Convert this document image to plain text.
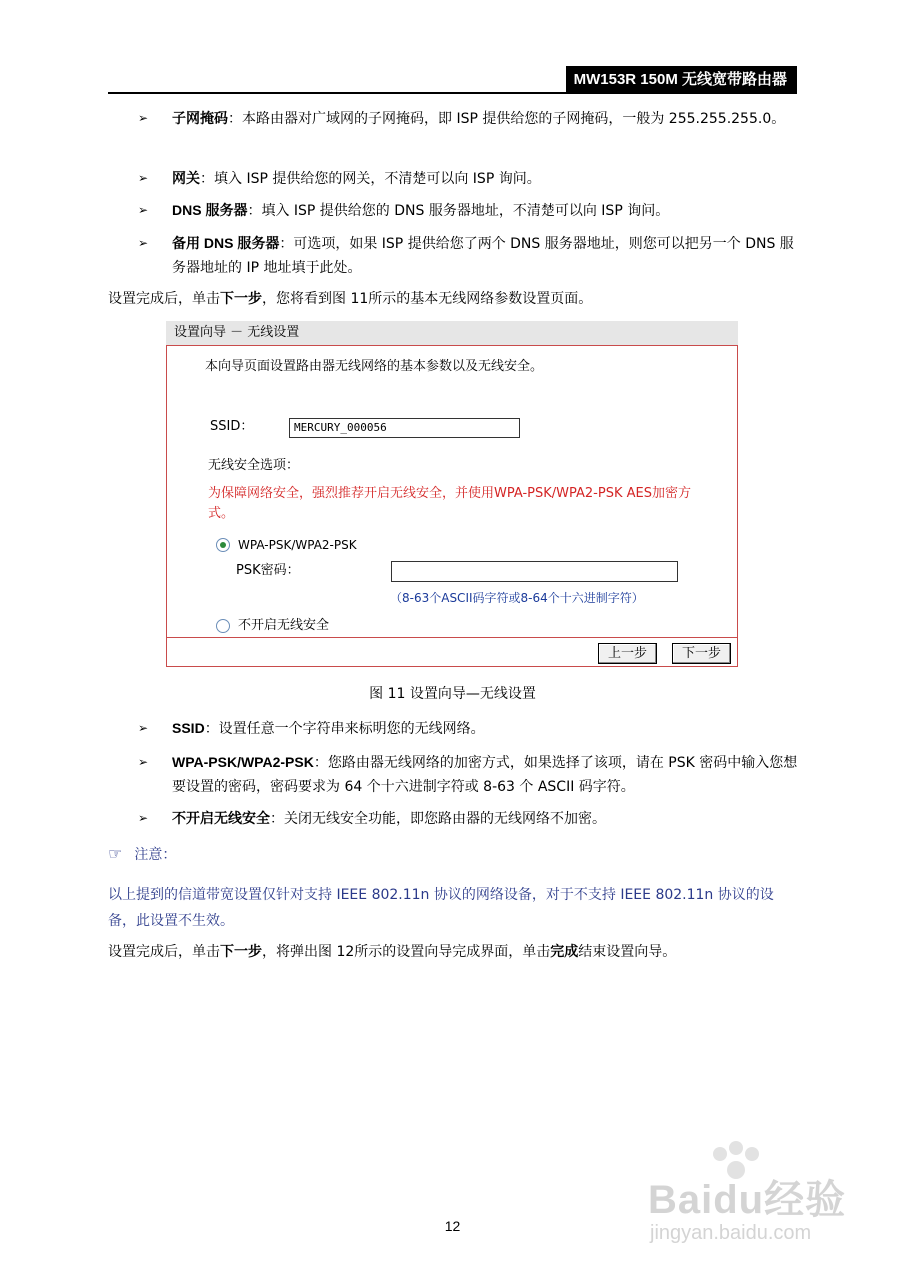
MW153R 150M 无线宽带路由器
➢ 子网掩码：本路由器对广域网的子网掩码，即 ISP 提供给您的子网掩码，一般为 255.255.255.0。
➢ 网关：填入 ISP 提供给您的网关，不清楚可以向 ISP 询问。
➢ DNS 服务器：填入 ISP 提供给您的 DNS 服务器地址，不清楚可以向 ISP 询问。
➢ 备用 DNS 服务器：可选项，如果 ISP 提供给您了两个 DNS 服务器地址，则您可以把另一个 DNS 服务器地址的 IP 地址填于此处。
设置完成后，单击下一步，您将看到图 11所示的基本无线网络参数设置页面。
设置向导 － 无线设置
本向导页面设置路由器无线网络的基本参数以及无线安全。
SSID：	MERCURY_000056
无线安全选项：
为保障网络安全，强烈推荐开启无线安全，并使用WPA-PSK/WPA2-PSK AES加密方
式。
WPA-PSK/WPA2-PSK
PSK密码：
（8-63个ASCII码字符或8-64个十六进制字符）
不开启无线安全
上一步	下一步
图 11 设置向导—无线设置
➢ SSID：设置任意一个字符串来标明您的无线网络。
➢ WPA-PSK/WPA2-PSK：您路由器无线网络的加密方式，如果选择了该项，请在 PSK 密码中输入您想要设置的密码，密码要求为 64 个十六进制字符或 8-63 个 ASCII 码字符。
➢ 不开启无线安全：关闭无线安全功能，即您路由器的无线网络不加密。
☞ 注意：
以上提到的信道带宽设置仅针对支持 IEEE 802.11n 协议的网络设备，对于不支持 IEEE 802.11n 协议的设备，此设置不生效。
设置完成后，单击下一步，将弹出图 12所示的设置向导完成界面，单击完成结束设置向导。
Baidu经验
jingyan.baidu.com
12
